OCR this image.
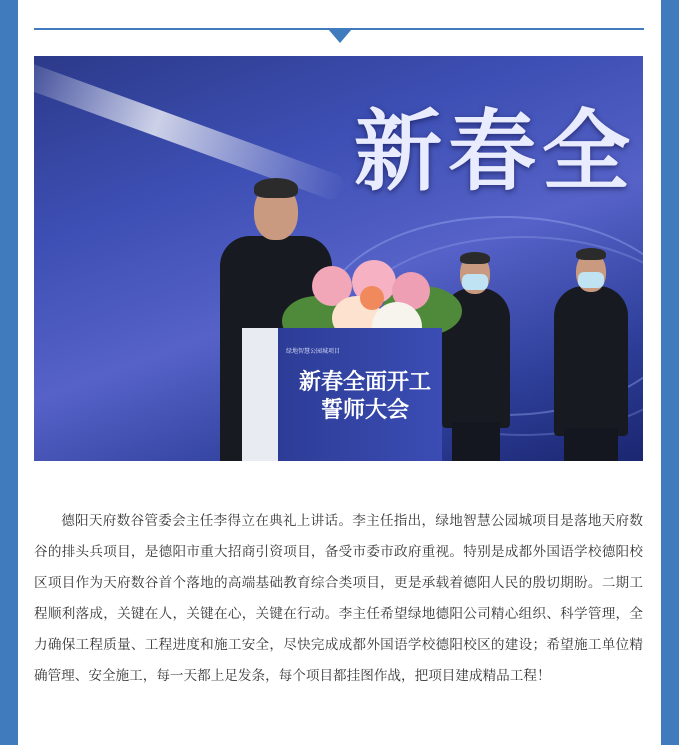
新春全
绿地智慧公园城项目
新春全面开工 誓师大会

德阳天府数谷管委会主任李得立在典礼上讲话。李主任指出，绿地智慧公园城项目是落地天府数谷的排头兵项目，是德阳市重大招商引资项目，备受市委市政府重视。特别是成都外国语学校德阳校区项目作为天府数谷首个落地的高端基础教育综合类项目，更是承载着德阳人民的殷切期盼。二期工程顺利落成，关键在人，关键在心，关键在行动。李主任希望绿地德阳公司精心组织、科学管理，全力确保工程质量、工程进度和施工安全，尽快完成成都外国语学校德阳校区的建设；希望施工单位精确管理、安全施工，每一天都上足发条，每个项目都挂图作战，把项目建成精品工程！
